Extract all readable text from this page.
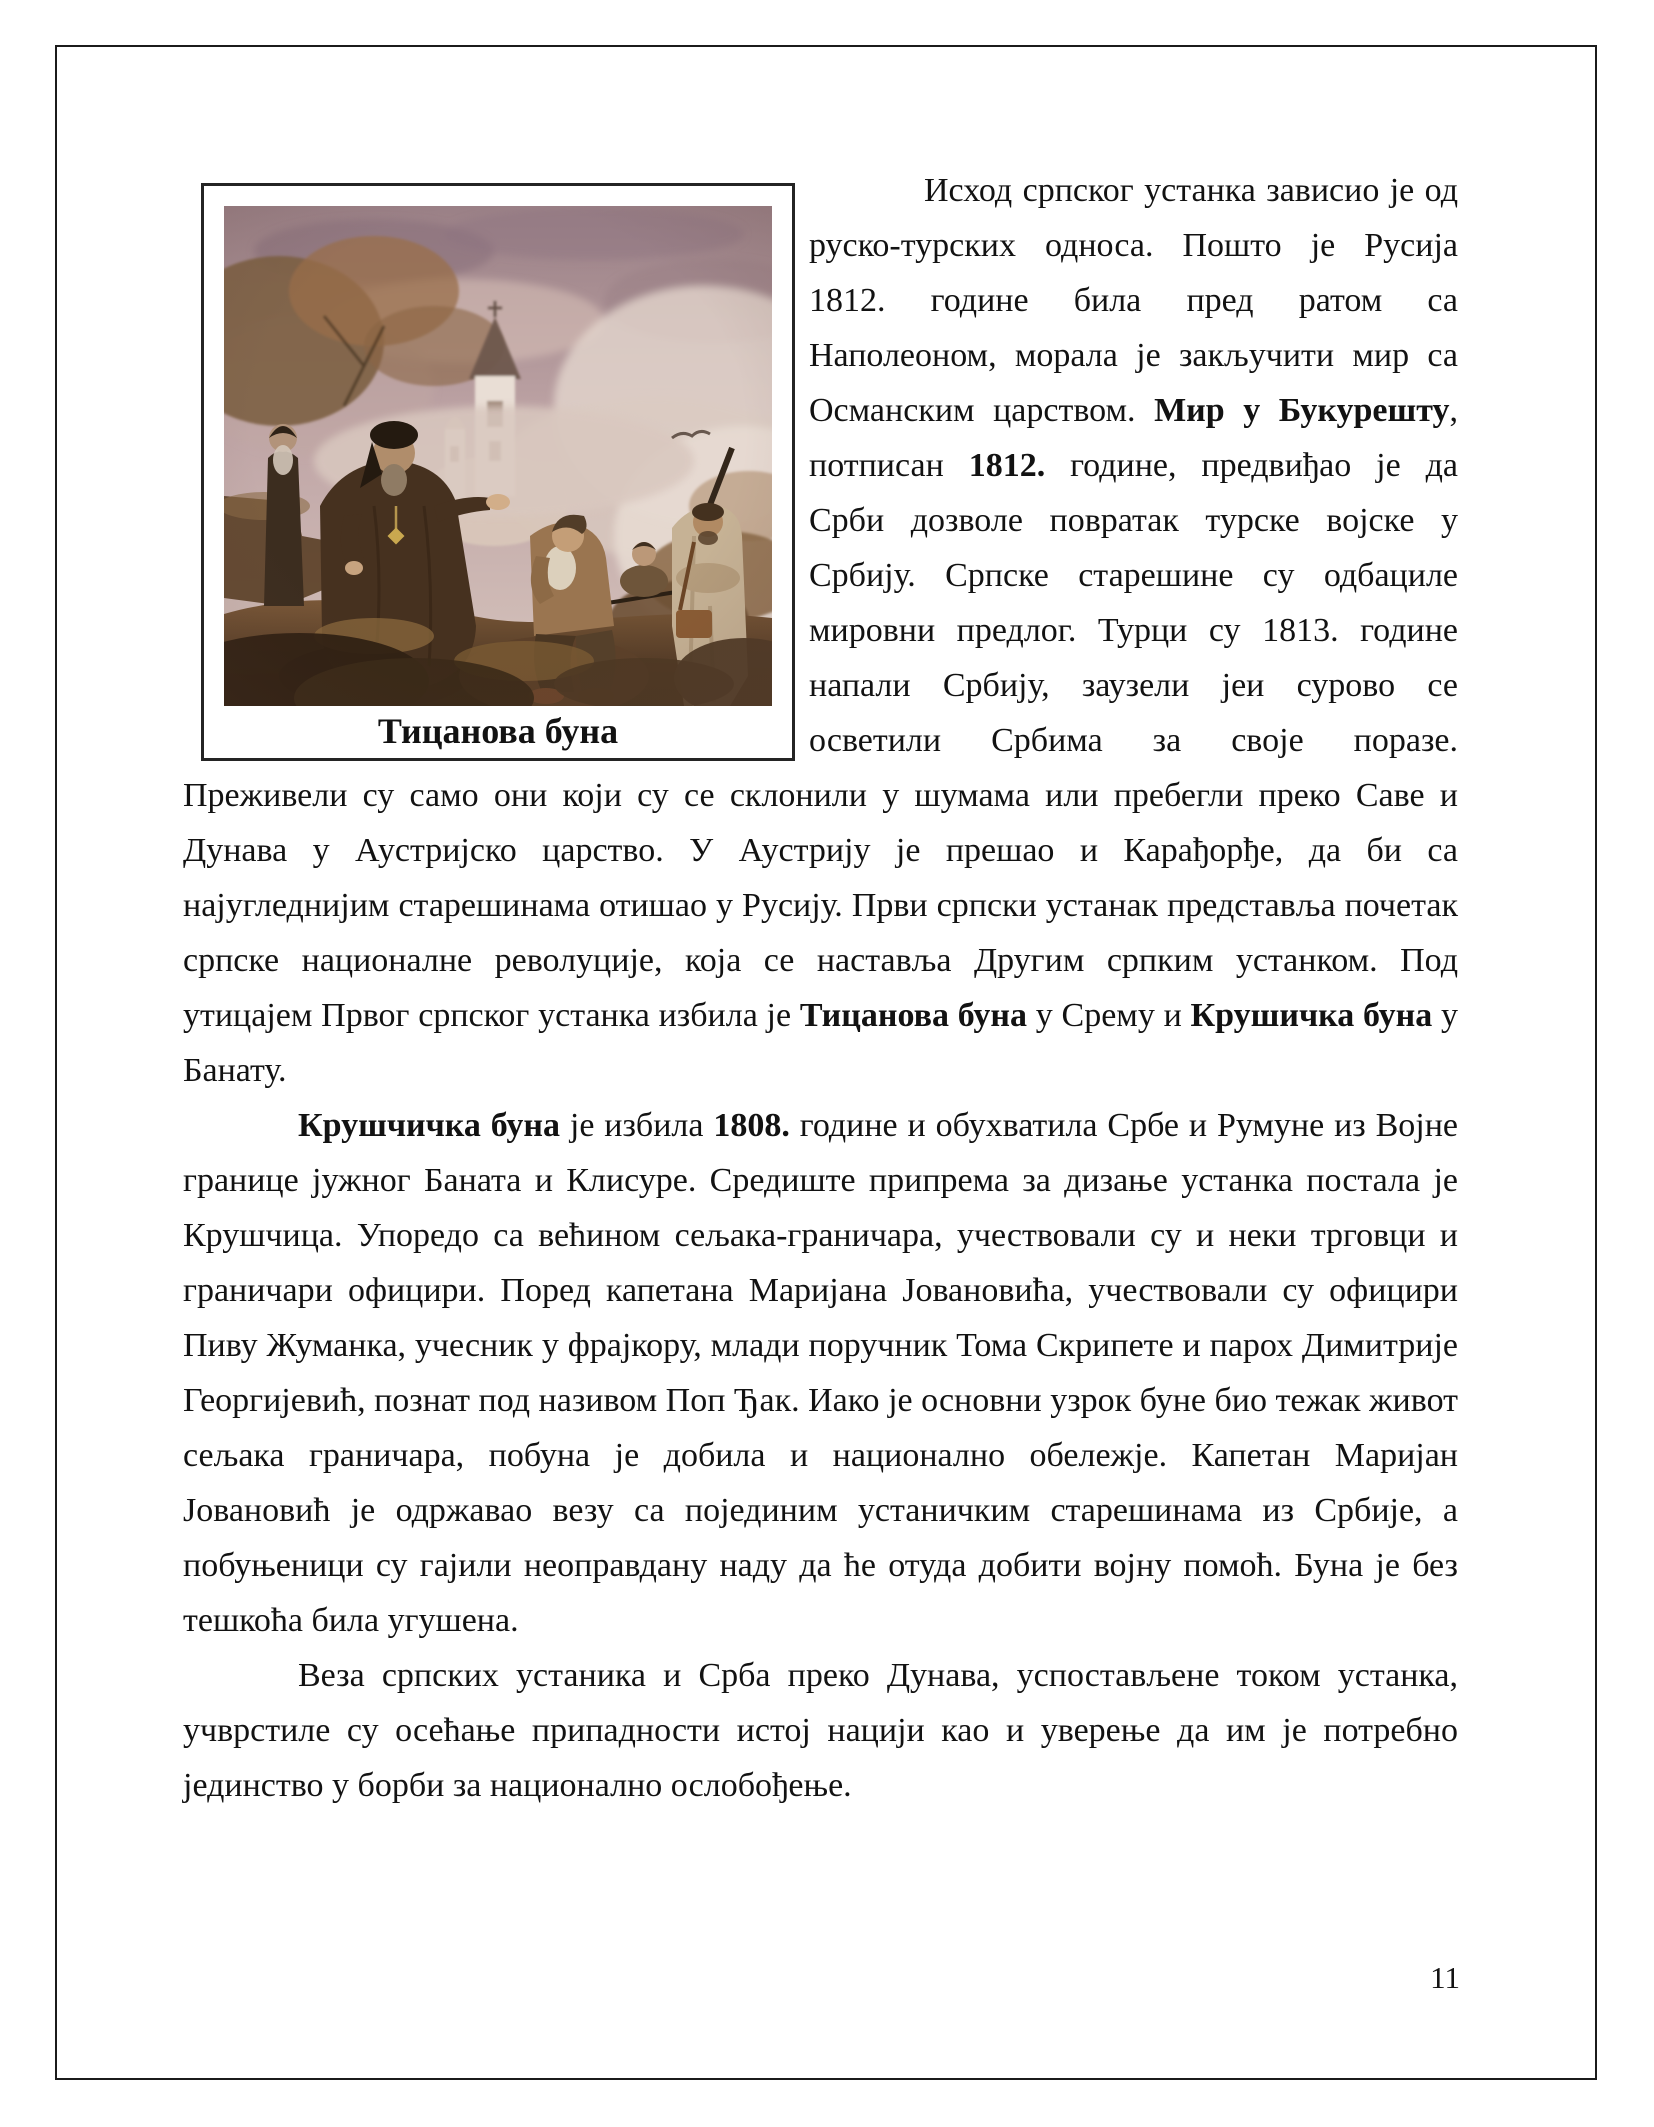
Тицанова буна

Исход српског устанка зависио је од руско-турских односа. Пошто је Русија 1812. године била пред ратом са Наполеоном, морала је закључити мир са Османским царством. Мир у Букурешту, потписан 1812. године, предвиђао је да Срби дозволе повратак турске војске у Србију. Српске старешине су одбациле мировни предлог. Турци су 1813. године напали Србију, заузели јеи сурово се осветили Србима за своје поразе. Преживели су само они који су се склонили у шумама или пребегли преко Саве и Дунава у Аустријско царство. У Аустрију је прешао и Карађорђе, да би са најугледнијим старешинама отишао у Русију. Први српски устанак представља почетак српске националне револуције, која се наставља Другим српким устанком. Под утицајем Првог српског устанка избила је Тицанова буна у Срему и Крушичка буна у Банату.

Крушчичка буна је избила 1808. године и обухватила Србе и Румуне из Војне границе јужног Баната и Клисуре. Средиште припрема за дизање устанка постала је Крушчица. Упоредо са већином сељака-граничара, учествовали су и неки трговци и граничари официри. Поред капетана Маријана Јовановића, учествовали су официри Пиву Жуманка, учесник у фрајкору, млади поручник Тома Скрипете и парох Димитрије Георгијевић, познат под називом Поп Ђак. Иако је основни узрок буне био тежак живот сељака граничара, побуна је добила и национално обележје. Капетан Маријан Јовановић је одржавао везу са појединим устаничким старешинама из Србије, а побуњеници су гајили неоправдану наду да ће отуда добити војну помоћ. Буна је без тешкоћа била угушена.

Веза српских устаника и Срба преко Дунава, успостављене током устанка, учврстиле су осећање припадности истој нацији као и уверење да им је потребно јединство у борби за национално ослобођење.

11
